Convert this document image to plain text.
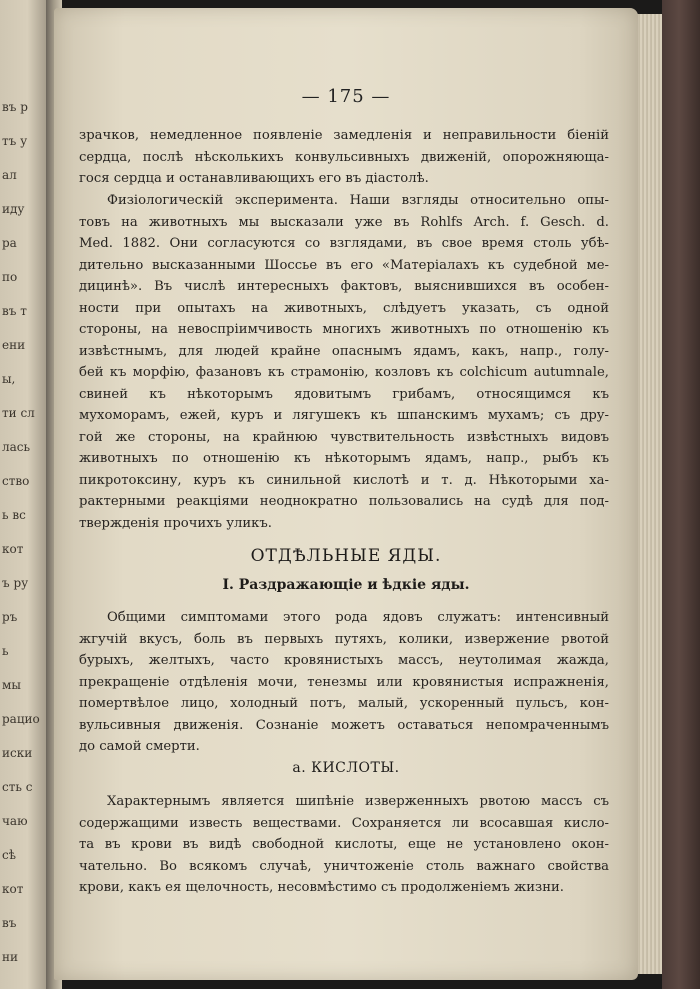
въ р
тъ у
ал
иду
ра
по
въ т
ени
ы,
ти сл
лась
ство
ь вс
кот
ъ ру
ръ
ь
мы
рацио
иски
сть с
чаю
сѣ
кот
въ
ни
— 175 —
зрачков, немедленное появленіе замедленія и неправильности біеній
сердца, послѣ нѣсколькихъ конвульсивныхъ движеній, опорожняюща-
гося сердца и останавливающихъ его въ діастолѣ.
Физіологическій эксперимента. Наши взгляды относительно опы-
товъ на животныхъ мы высказали уже въ Rohlfs Arch. f. Gesch. d.
Med. 1882. Они согласуются со взглядами, въ свое время столь убѣ-
дительно высказанными Шоссье въ его «Матеріалахъ къ судебной ме-
дицинѣ». Въ числѣ интересныхъ фактовъ, выяснившихся въ особен-
ности при опытахъ на животныхъ, слѣдуетъ указать, съ одной
стороны, на невоспріимчивость многихъ животныхъ по отношенію къ
извѣстнымъ, для людей крайне опаснымъ ядамъ, какъ, напр., голу-
бей къ морфію, фазановъ къ страмонію, козловъ къ colchicum autumnale,
свиней къ нѣкоторымъ ядовитымъ грибамъ, относящимся къ
мухоморамъ, ежей, куръ и лягушекъ къ шпанскимъ мухамъ; съ дру-
гой же стороны, на крайнюю чувствительность извѣстныхъ видовъ
животныхъ по отношенію къ нѣкоторымъ ядамъ, напр., рыбъ къ
пикротоксину, куръ къ синильной кислотѣ и т. д. Нѣкоторыми ха-
рактерными реакціями неоднократно пользовались на судѣ для под-
твержденія прочихъ уликъ.
ОТДѢЛЬНЫЕ ЯДЫ.
I. Раздражающіе и ѣдкіе яды.
Общими симптомами этого рода ядовъ служатъ: интенсивный
жгучій вкусъ, боль въ первыхъ путяхъ, колики, извержение рвотой
бурыхъ, желтыхъ, часто кровянистыхъ массъ, неутолимая жажда,
прекращеніе отдѣленія мочи, тенезмы или кровянистыя испражненія,
помертвѣлое лицо, холодный потъ, малый, ускоренный пульсъ, кон-
вульсивныя движенія. Сознаніе можетъ оставаться непомраченнымъ
до самой смерти.
а. КИСЛОТЫ.
Характернымъ является шипѣніе изверженныхъ рвотою массъ съ
содержащими известь веществами. Сохраняется ли всосавшая кисло-
та въ крови въ видѣ свободной кислоты, еще не установлено окон-
чательно. Во всякомъ случаѣ, уничтоженіе столь важнаго свойства
крови, какъ ея щелочность, несовмѣстимо съ продолженіемъ жизни.
